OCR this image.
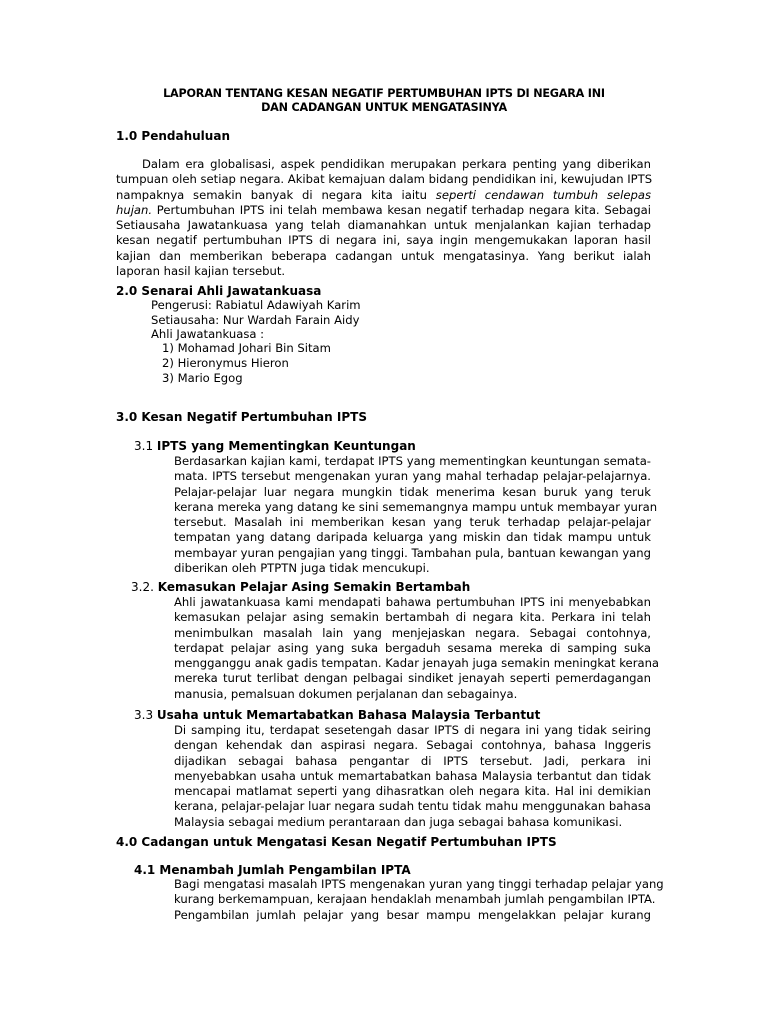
LAPORAN TENTANG KESAN NEGATIF PERTUMBUHAN IPTS DI NEGARA INI
DAN CADANGAN UNTUK MENGATASINYA
1.0 Pendahuluan
Dalam era globalisasi, aspek pendidikan merupakan perkara penting yang diberikan
tumpuan oleh setiap negara. Akibat kemajuan dalam bidang pendidikan ini, kewujudan IPTS
nampaknya semakin banyak di negara kita iaitu seperti cendawan tumbuh selepas
hujan. Pertumbuhan IPTS ini telah membawa kesan negatif terhadap negara kita. Sebagai
Setiausaha Jawatankuasa yang telah diamanahkan untuk menjalankan kajian terhadap
kesan negatif pertumbuhan IPTS di negara ini, saya ingin mengemukakan laporan hasil
kajian dan memberikan beberapa cadangan untuk mengatasinya. Yang berikut ialah
laporan hasil kajian tersebut.
2.0 Senarai Ahli Jawatankuasa
Pengerusi: Rabiatul Adawiyah Karim
Setiausaha: Nur Wardah Farain Aidy
Ahli Jawatankuasa :
1) Mohamad Johari Bin Sitam
2) Hieronymus Hieron
3) Mario Egog
3.0 Kesan Negatif Pertumbuhan IPTS
3.1 IPTS yang Mementingkan Keuntungan
Berdasarkan kajian kami, terdapat IPTS yang mementingkan keuntungan semata-
mata. IPTS tersebut mengenakan yuran yang mahal terhadap pelajar-pelajarnya.
Pelajar-pelajar luar negara mungkin tidak menerima kesan buruk yang teruk
kerana mereka yang datang ke sini sememangnya mampu untuk membayar yuran
tersebut. Masalah ini memberikan kesan yang teruk terhadap pelajar-pelajar
tempatan yang datang daripada keluarga yang miskin dan tidak mampu untuk
membayar yuran pengajian yang tinggi. Tambahan pula, bantuan kewangan yang
diberikan oleh PTPTN juga tidak mencukupi.
3.2. Kemasukan Pelajar Asing Semakin Bertambah
Ahli jawatankuasa kami mendapati bahawa pertumbuhan IPTS ini menyebabkan
kemasukan pelajar asing semakin bertambah di negara kita. Perkara ini telah
menimbulkan masalah lain yang menjejaskan negara. Sebagai contohnya,
terdapat pelajar asing yang suka bergaduh sesama mereka di samping suka
mengganggu anak gadis tempatan. Kadar jenayah juga semakin meningkat kerana
mereka turut terlibat dengan pelbagai sindiket jenayah seperti pemerdagangan
manusia, pemalsuan dokumen perjalanan dan sebagainya.
3.3 Usaha untuk Memartabatkan Bahasa Malaysia Terbantut
Di samping itu, terdapat sesetengah dasar IPTS di negara ini yang tidak seiring
dengan kehendak dan aspirasi negara. Sebagai contohnya, bahasa Inggeris
dijadikan sebagai bahasa pengantar di IPTS tersebut. Jadi, perkara ini
menyebabkan usaha untuk memartabatkan bahasa Malaysia terbantut dan tidak
mencapai matlamat seperti yang dihasratkan oleh negara kita. Hal ini demikian
kerana, pelajar-pelajar luar negara sudah tentu tidak mahu menggunakan bahasa
Malaysia sebagai medium perantaraan dan juga sebagai bahasa komunikasi.
4.0 Cadangan untuk Mengatasi Kesan Negatif Pertumbuhan IPTS
4.1 Menambah Jumlah Pengambilan IPTA
Bagi mengatasi masalah IPTS mengenakan yuran yang tinggi terhadap pelajar yang
kurang berkemampuan, kerajaan hendaklah menambah jumlah pengambilan IPTA.
Pengambilan jumlah pelajar yang besar mampu mengelakkan pelajar kurang
